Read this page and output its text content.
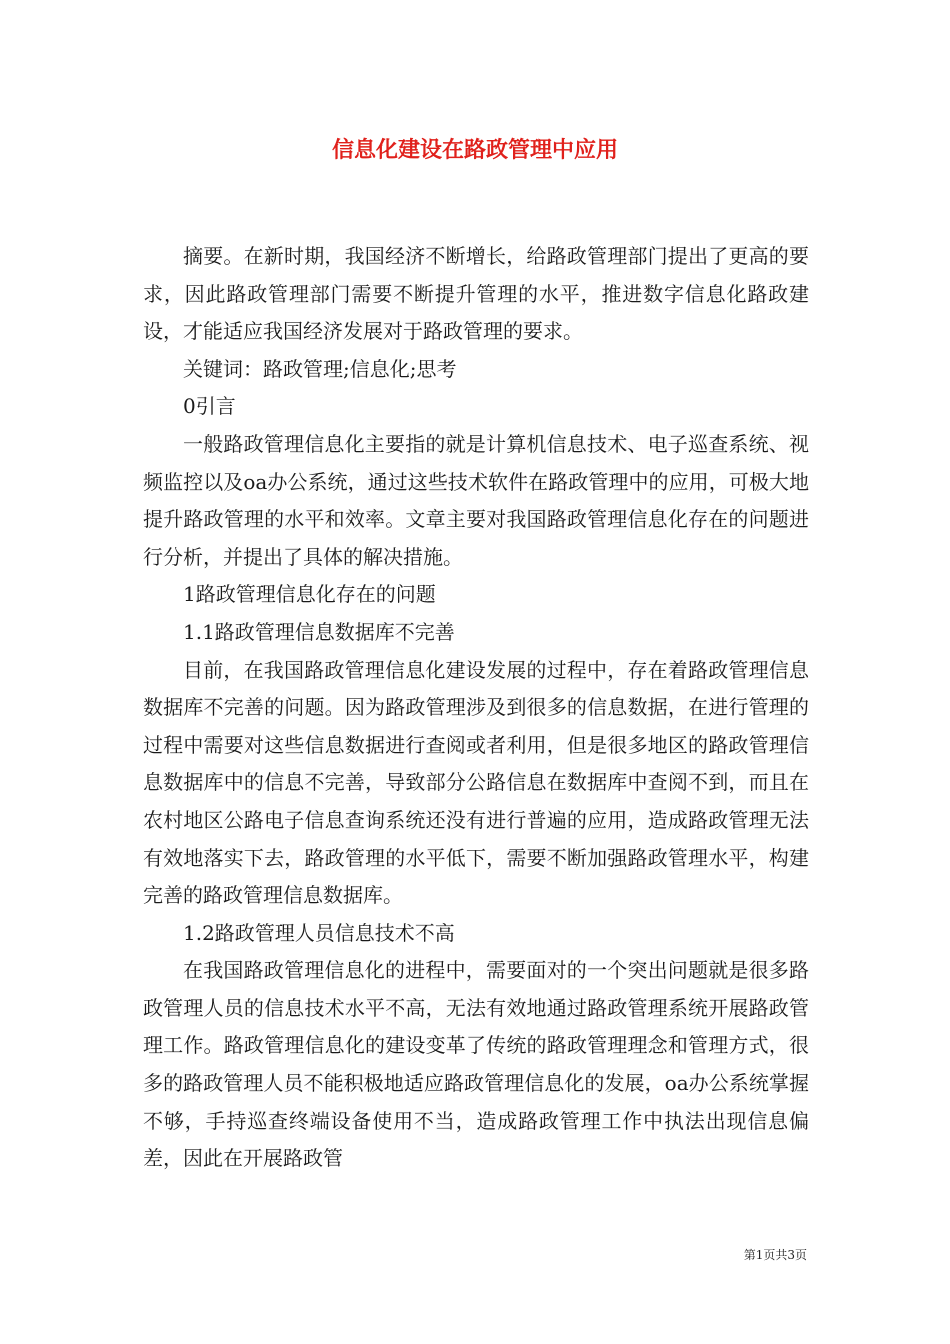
信息化建设在路政管理中应用

摘要。在新时期，我国经济不断增长，给路政管理部门提出了更高的要求，因此路政管理部门需要不断提升管理的水平，推进数字信息化路政建设，才能适应我国经济发展对于路政管理的要求。

关键词：路政管理;信息化;思考

0引言

一般路政管理信息化主要指的就是计算机信息技术、电子巡查系统、视频监控以及oa办公系统，通过这些技术软件在路政管理中的应用，可极大地提升路政管理的水平和效率。文章主要对我国路政管理信息化存在的问题进行分析，并提出了具体的解决措施。

1路政管理信息化存在的问题

1.1路政管理信息数据库不完善

目前，在我国路政管理信息化建设发展的过程中，存在着路政管理信息数据库不完善的问题。因为路政管理涉及到很多的信息数据，在进行管理的过程中需要对这些信息数据进行查阅或者利用，但是很多地区的路政管理信息数据库中的信息不完善，导致部分公路信息在数据库中查阅不到，而且在农村地区公路电子信息查询系统还没有进行普遍的应用，造成路政管理无法有效地落实下去，路政管理的水平低下，需要不断加强路政管理水平，构建完善的路政管理信息数据库。

1.2路政管理人员信息技术不高

在我国路政管理信息化的进程中，需要面对的一个突出问题就是很多路政管理人员的信息技术水平不高，无法有效地通过路政管理系统开展路政管理工作。路政管理信息化的建设变革了传统的路政管理理念和管理方式，很多的路政管理人员不能积极地适应路政管理信息化的发展，oa办公系统掌握不够，手持巡查终端设备使用不当，造成路政管理工作中执法出现信息偏差，因此在开展路政管

第1页共3页
